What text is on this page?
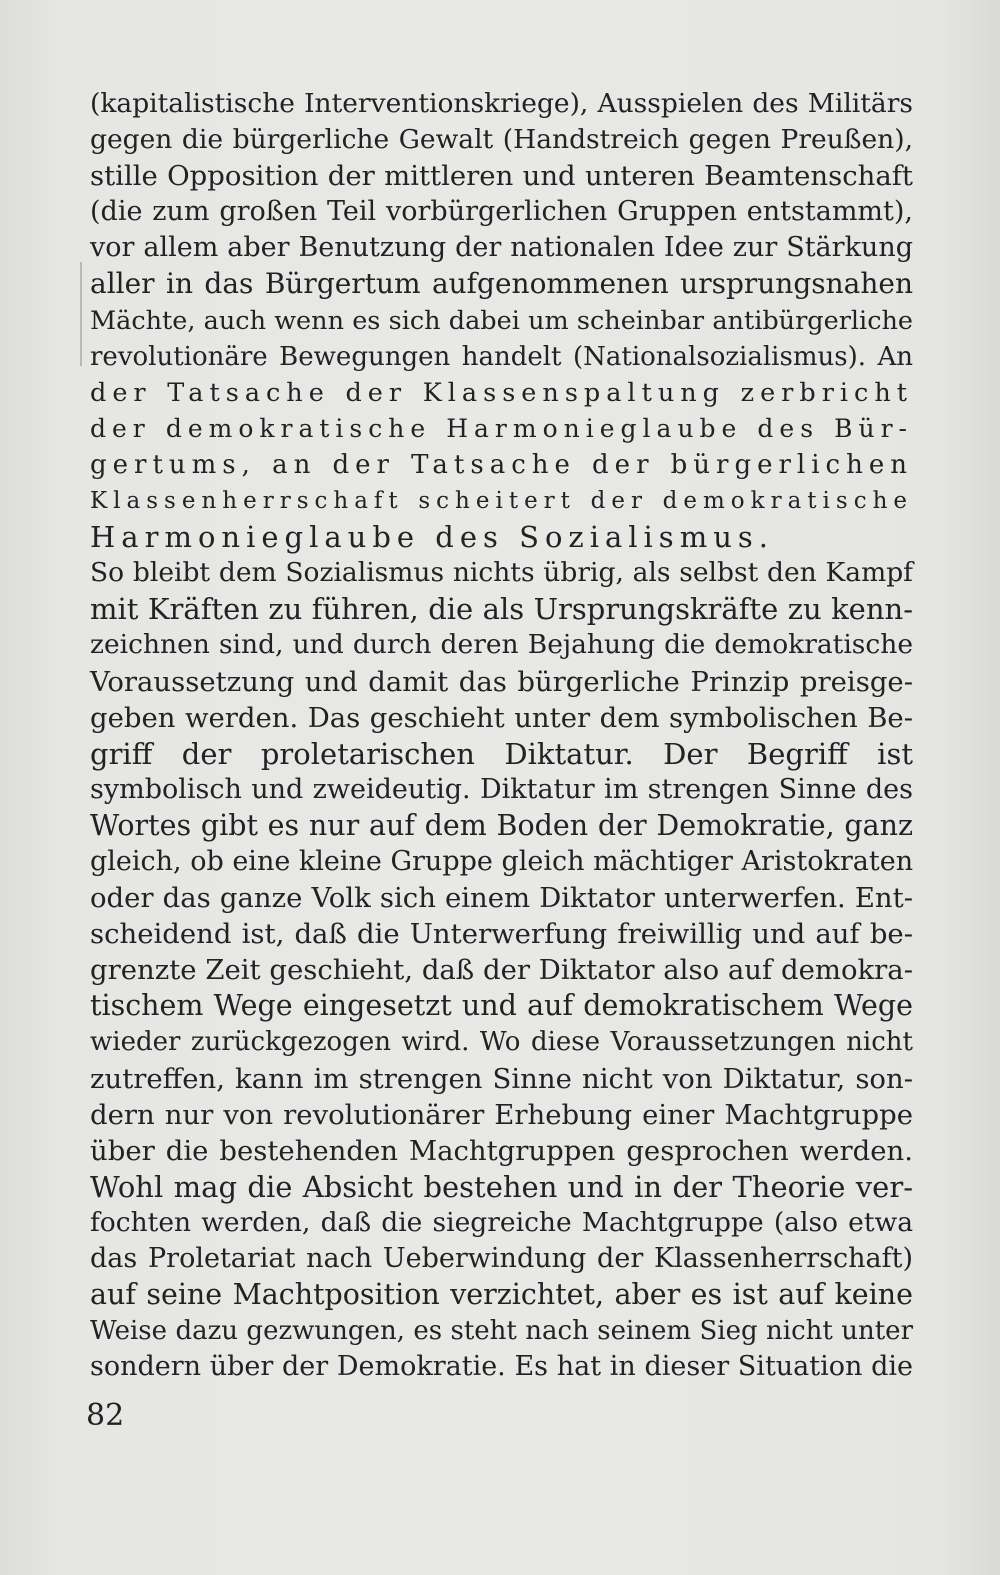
(kapitalistische Interventionskriege), Ausspielen des Militärs
gegen die bürgerliche Gewalt (Handstreich gegen Preußen),
stille Opposition der mittleren und unteren Beamtenschaft
(die zum großen Teil vorbürgerlichen Gruppen entstammt),
vor allem aber Benutzung der nationalen Idee zur Stärkung
aller in das Bürgertum aufgenommenen ursprungsnahen
Mächte, auch wenn es sich dabei um scheinbar antibürgerliche
revolutionäre Bewegungen handelt (Nationalsozialismus). An
der Tatsache der Klassenspaltung zerbricht
der demokratische Harmonieglaube des Bür-
gertums, an der Tatsache der bürgerlichen
Klassenherrschaft scheitert der demokratische
Harmonieglaube des Sozialismus.
So bleibt dem Sozialismus nichts übrig, als selbst den Kampf
mit Kräften zu führen, die als Ursprungskräfte zu kenn-
zeichnen sind, und durch deren Bejahung die demokratische
Voraussetzung und damit das bürgerliche Prinzip preisge-
geben werden. Das geschieht unter dem symbolischen Be-
griff der proletarischen Diktatur. Der Begriff ist
symbolisch und zweideutig. Diktatur im strengen Sinne des
Wortes gibt es nur auf dem Boden der Demokratie, ganz
gleich, ob eine kleine Gruppe gleich mächtiger Aristokraten
oder das ganze Volk sich einem Diktator unterwerfen. Ent-
scheidend ist, daß die Unterwerfung freiwillig und auf be-
grenzte Zeit geschieht, daß der Diktator also auf demokra-
tischem Wege eingesetzt und auf demokratischem Wege
wieder zurückgezogen wird. Wo diese Voraussetzungen nicht
zutreffen, kann im strengen Sinne nicht von Diktatur, son-
dern nur von revolutionärer Erhebung einer Machtgruppe
über die bestehenden Machtgruppen gesprochen werden.
Wohl mag die Absicht bestehen und in der Theorie ver-
fochten werden, daß die siegreiche Machtgruppe (also etwa
das Proletariat nach Ueberwindung der Klassenherrschaft)
auf seine Machtposition verzichtet, aber es ist auf keine
Weise dazu gezwungen, es steht nach seinem Sieg nicht unter
sondern über der Demokratie. Es hat in dieser Situation die
82
